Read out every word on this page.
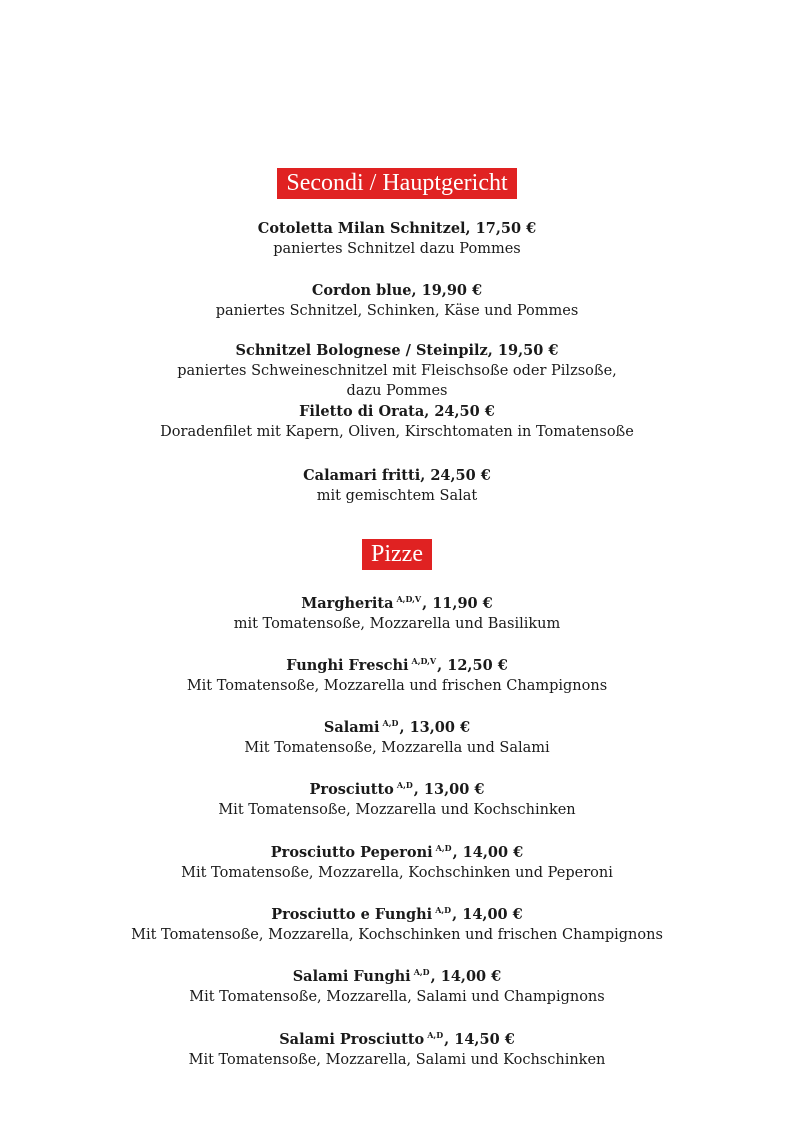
Secondi / Hauptgericht
Cotoletta Milan Schnitzel, 17,50 €
paniertes Schnitzel dazu Pommes
Cordon blue, 19,90 €
paniertes Schnitzel, Schinken, Käse und Pommes
Schnitzel Bolognese / Steinpilz, 19,50 €
paniertes Schweineschnitzel mit Fleischsoße oder Pilzsoße,
dazu Pommes
Filetto di Orata, 24,50 €
Doradenfilet mit Kapern, Oliven, Kirschtomaten in Tomatensoße
Calamari fritti, 24,50 €
mit gemischtem Salat
Pizze
Margherita $^{A,D,V}$, 11,90 €
mit Tomatensoße, Mozzarella und Basilikum
Funghi Freschi $^{A,D,V}$, 12,50 €
Mit Tomatensoße, Mozzarella und frischen Champignons
Salami $^{A,D}$, 13,00 €
Mit Tomatensoße, Mozzarella und Salami
Prosciutto $^{A,D}$, 13,00 €
Mit Tomatensoße, Mozzarella und Kochschinken
Prosciutto Peperoni $^{A,D}$, 14,00 €
Mit Tomatensoße, Mozzarella, Kochschinken und Peperoni
Prosciutto e Funghi $^{A,D}$, 14,00 €
Mit Tomatensoße, Mozzarella, Kochschinken und frischen Champignons
Salami Funghi $^{A,D}$, 14,00 €
Mit Tomatensoße, Mozzarella, Salami und Champignons
Salami Prosciutto $^{A,D}$, 14,50 €
Mit Tomatensoße, Mozzarella, Salami und Kochschinken
